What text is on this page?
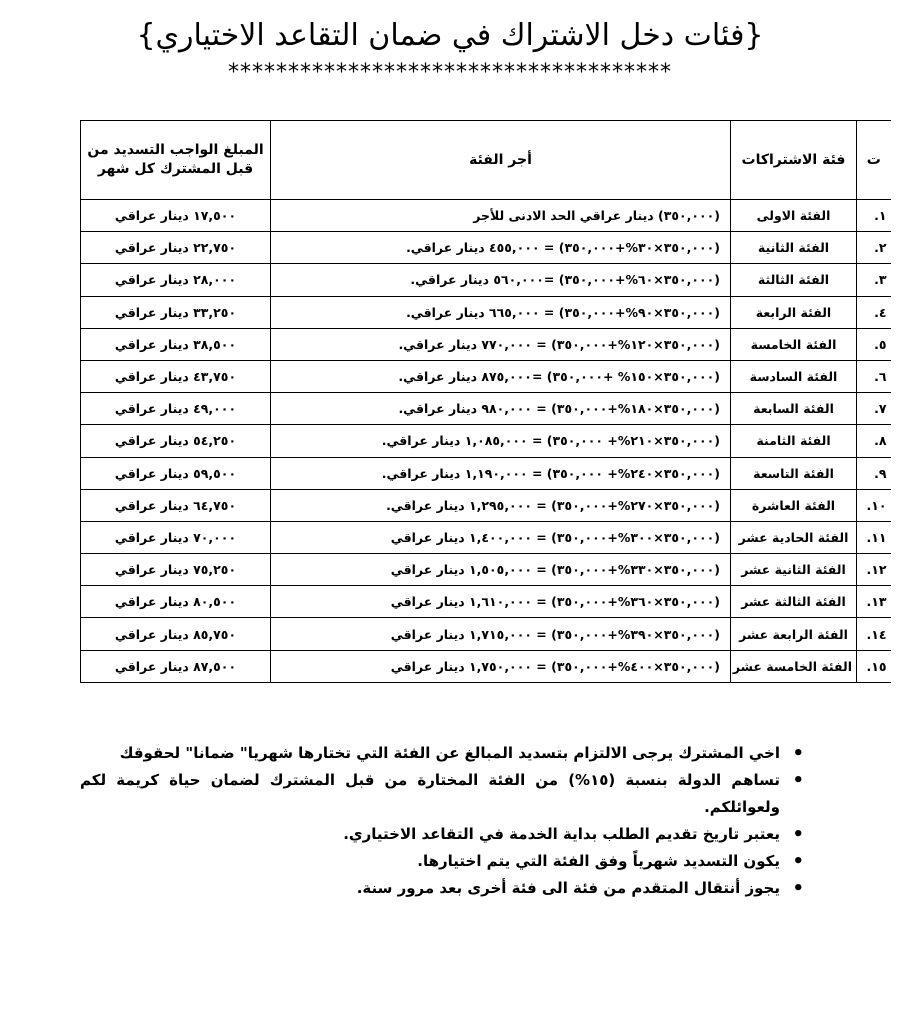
{فئات دخل الاشتراك في ضمان التقاعد الاختياري}
*************************************
ت	فئة الاشتراكات	أجر الفئة	المبلغ الواجب التسديد من قبل المشترك كل شهر
١.	الفئة الاولى	(٣٥٠,٠٠٠) دينار عراقي الحد الادنى للأجر	١٧,٥٠٠ دينار عراقي
٢.	الفئة الثانية	(٣٥٠,٠٠٠×٣٠%+٣٥٠,٠٠٠) = ٤٥٥,٠٠٠ دينار عراقي.	٢٢,٧٥٠ دينار عراقي
٣.	الفئة الثالثة	(٣٥٠,٠٠٠×٦٠%+٣٥٠,٠٠٠) =٥٦٠,٠٠٠ دينار عراقي.	٢٨,٠٠٠ دينار عراقي
٤.	الفئة الرابعة	(٣٥٠,٠٠٠×٩٠%+٣٥٠,٠٠٠) = ٦٦٥,٠٠٠ دينار عراقي.	٣٣,٢٥٠ دينار عراقي
٥.	الفئة الخامسة	(٣٥٠,٠٠٠×١٢٠%+٣٥٠,٠٠٠) = ٧٧٠,٠٠٠ دينار عراقي.	٣٨,٥٠٠ دينار عراقي
٦.	الفئة السادسة	(٣٥٠,٠٠٠×١٥٠% +٣٥٠,٠٠٠) =٨٧٥,٠٠٠ دينار عراقي.	٤٣,٧٥٠ دينار عراقي
٧.	الفئة السابعة	(٣٥٠,٠٠٠×١٨٠%+٣٥٠,٠٠٠) = ٩٨٠,٠٠٠ دينار عراقي.	٤٩,٠٠٠ دينار عراقي
٨.	الفئة الثامنة	(٣٥٠,٠٠٠×٢١٠%+ ٣٥٠,٠٠٠) = ١,٠٨٥,٠٠٠ دينار عراقي.	٥٤,٢٥٠ دينار عراقي
٩.	الفئة التاسعة	(٣٥٠,٠٠٠×٢٤٠%+ ٣٥٠,٠٠٠) = ١,١٩٠,٠٠٠ دينار عراقي.	٥٩,٥٠٠ دينار عراقي
١٠.	الفئة العاشرة	(٣٥٠,٠٠٠×٢٧٠%+٣٥٠,٠٠٠) = ١,٢٩٥,٠٠٠ دينار عراقي.	٦٤,٧٥٠ دينار عراقي
١١.	الفئة الحادية عشر	(٣٥٠,٠٠٠×٣٠٠%+٣٥٠,٠٠٠) = ١,٤٠٠,٠٠٠ دينار عراقي	٧٠,٠٠٠ دينار عراقي
١٢.	الفئة الثانية عشر	(٣٥٠,٠٠٠×٣٣٠%+٣٥٠,٠٠٠) = ١,٥٠٥,٠٠٠ دينار عراقي	٧٥,٢٥٠ دينار عراقي
١٣.	الفئة الثالثة عشر	(٣٥٠,٠٠٠×٣٦٠%+٣٥٠,٠٠٠) = ١,٦١٠,٠٠٠ دينار عراقي	٨٠,٥٠٠ دينار عراقي
١٤.	الفئة الرابعة عشر	(٣٥٠,٠٠٠×٣٩٠%+٣٥٠,٠٠٠) = ١,٧١٥,٠٠٠ دينار عراقي	٨٥,٧٥٠ دينار عراقي
١٥.	الفئة الخامسة عشر	(٣٥٠,٠٠٠×٤٠٠%+٣٥٠,٠٠٠) = ١,٧٥٠,٠٠٠ دينار عراقي	٨٧,٥٠٠ دينار عراقي
• اخي المشترك يرجى الالتزام بتسديد المبالغ عن الفئة التي تختارها شهريا" ضمانا" لحقوقك
• تساهم الدولة بنسبة (١٥%) من الفئة المختارة من قبل المشترك لضمان حياة كريمة لكم ولعوائلكم.
• يعتبر تاريخ تقديم الطلب بداية الخدمة في التقاعد الاختياري.
• يكون التسديد شهرياً وفق الفئة التي يتم اختيارها.
• يجوز أنتقال المتقدم من فئة الى فئة أخرى بعد مرور سنة.
